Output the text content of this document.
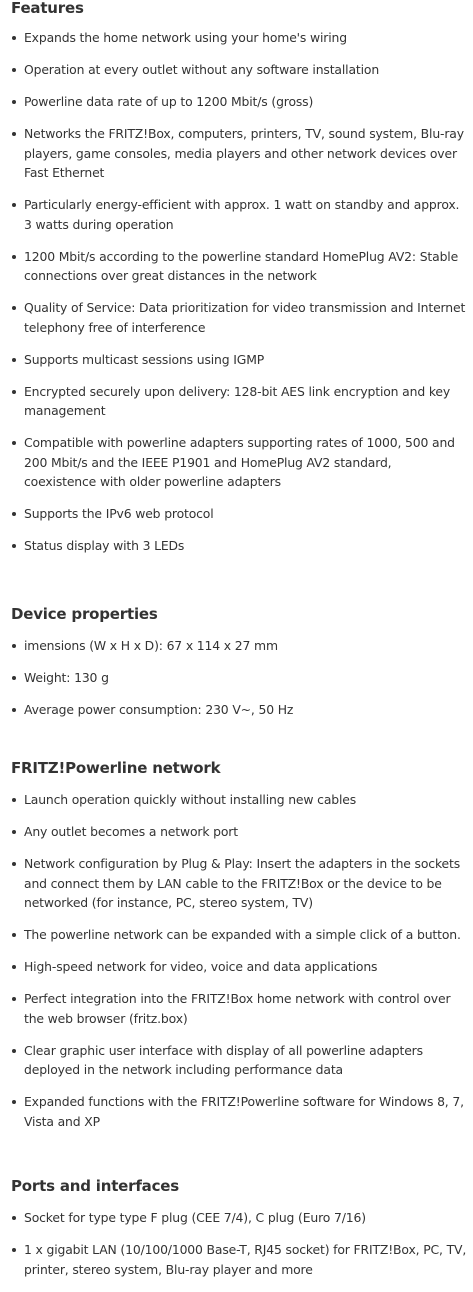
Features
Expands the home network using your home's wiring
Operation at every outlet without any software installation
Powerline data rate of up to 1200 Mbit/s (gross)
Networks the FRITZ!Box, computers, printers, TV, sound system, Blu-ray players, game consoles, media players and other network devices over Fast Ethernet
Particularly energy-efficient with approx. 1 watt on standby and approx. 3 watts during operation
1200 Mbit/s according to the powerline standard HomePlug AV2: Stable connections over great distances in the network
Quality of Service: Data prioritization for video transmission and Internet telephony free of interference
Supports multicast sessions using IGMP
Encrypted securely upon delivery: 128-bit AES link encryption and key management
Compatible with powerline adapters supporting rates of 1000, 500 and 200 Mbit/s and the IEEE P1901 and HomePlug AV2 standard, coexistence with older powerline adapters
Supports the IPv6 web protocol
Status display with 3 LEDs
Device properties
imensions (W x H x D): 67 x 114 x 27 mm
Weight: 130 g
Average power consumption: 230 V~, 50 Hz
FRITZ!Powerline network
Launch operation quickly without installing new cables
Any outlet becomes a network port
Network configuration by Plug & Play: Insert the adapters in the sockets and connect them by LAN cable to the FRITZ!Box or the device to be networked (for instance, PC, stereo system, TV)
The powerline network can be expanded with a simple click of a button.
High-speed network for video, voice and data applications
Perfect integration into the FRITZ!Box home network with control over the web browser (fritz.box)
Clear graphic user interface with display of all powerline adapters deployed in the network including performance data
Expanded functions with the FRITZ!Powerline software for Windows 8, 7, Vista and XP
Ports and interfaces
Socket for type type F plug (CEE 7/4), C plug (Euro 7/16)
1 x gigabit LAN (10/100/1000 Base-T, RJ45 socket) for FRITZ!Box, PC, TV, printer, stereo system, Blu-ray player and more
